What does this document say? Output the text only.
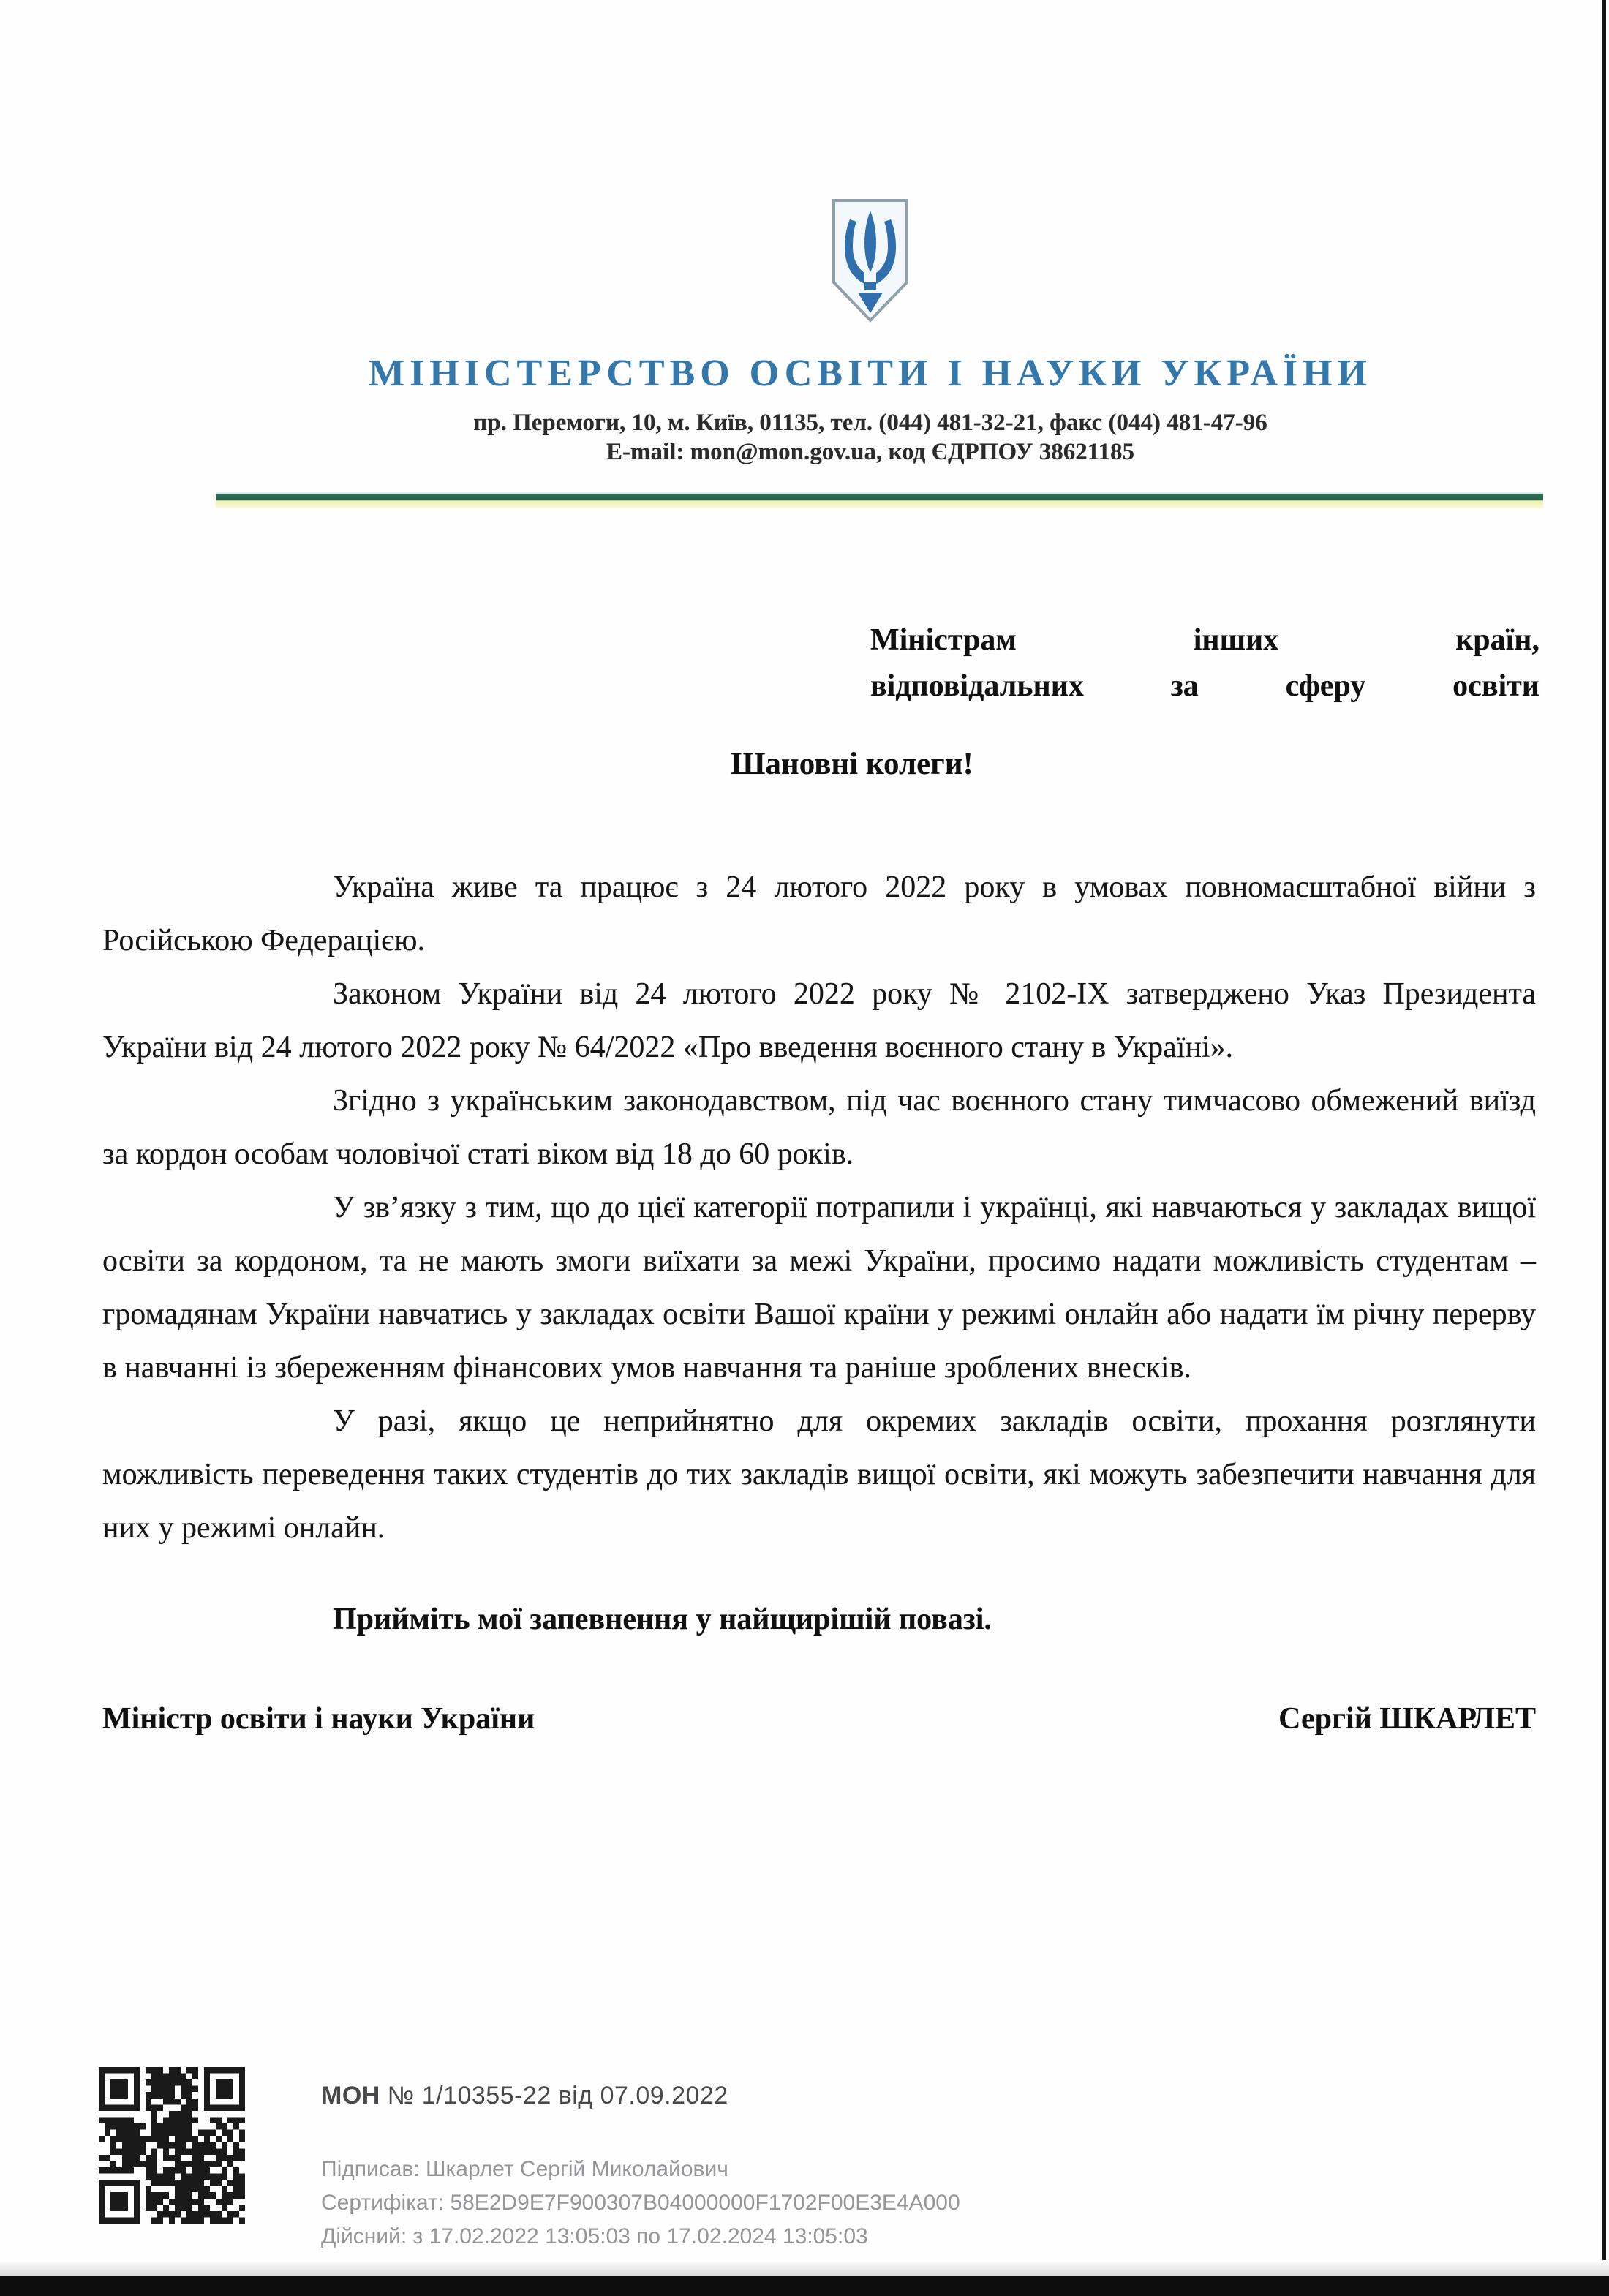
МІНІСТЕРСТВО ОСВІТИ І НАУКИ УКРАЇНИ
пр. Перемоги, 10, м. Київ, 01135, тел. (044) 481-32-21, факс (044) 481-47-96
E-mail: mon@mon.gov.ua, код ЄДРПОУ 38621185
Міністрам інших країн,
відповідальних за сферу освіти
Шановні колеги!

Україна живе та працює з 24 лютого 2022 року в умовах повномасштабної війни з Російською Федерацією.

Законом України від 24 лютого 2022 року № 2102-IX затверджено Указ Президента України від 24 лютого 2022 року № 64/2022 «Про введення воєнного стану в Україні».

Згідно з українським законодавством, під час воєнного стану тимчасово обмежений виїзд за кордон особам чоловічої статі віком від 18 до 60 років.

У зв’язку з тим, що до цієї категорії потрапили і українці, які навчаються у закладах вищої освіти за кордоном, та не мають змоги виїхати за межі України, просимо надати можливість студентам – громадянам України навчатись у закладах освіти Вашої країни у режимі онлайн або надати їм річну перерву в навчанні із збереженням фінансових умов навчання та раніше зроблених внесків.

У разі, якщо це неприйнятно для окремих закладів освіти, прохання розглянути можливість переведення таких студентів до тих закладів вищої освіти, які можуть забезпечити навчання для них у режимі онлайн.

Прийміть мої запевнення у найщирішій повазі.
Міністр освіти і науки України	Сергій ШКАРЛЕТ
МОН № 1/10355-22 від 07.09.2022
Підписав: Шкарлет Сергій Миколайович
Сертифікат: 58E2D9E7F900307B04000000F1702F00E3E4A000
Дійсний: з 17.02.2022 13:05:03 по 17.02.2024 13:05:03
